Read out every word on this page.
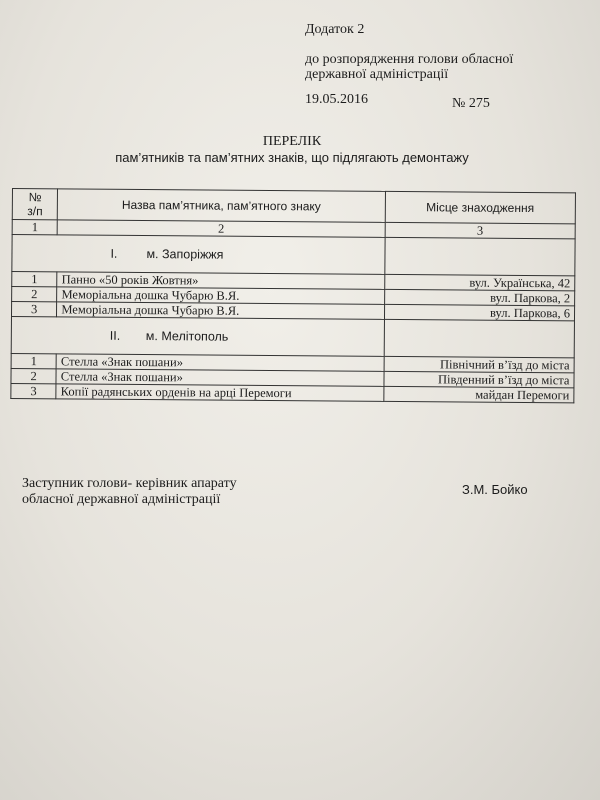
Додаток 2
до розпорядження голови обласної
державної адміністрації
19.05.2016	№ 275
ПЕРЕЛІК
пам’ятників та пам’ятних знаків, що підлягають демонтажу
№
з/п	Назва пам’ятника, пам’ятного знаку	Місце знаходження
1	2	3
I. м. Запоріжжя		
1	Панно «50 років Жовтня»	вул. Українська, 42
2	Меморіальна дошка Чубарю В.Я.	вул. Паркова, 2
3	Меморіальна дошка Чубарю В.Я.	вул. Паркова, 6
II. м. Мелітополь		
1	Стелла «Знак пошани»	Північний в’їзд до міста
2	Стелла «Знак пошани»	Південний в’їзд до міста
3	Копії радянських орденів на арці Перемоги	майдан Перемоги
Заступник голови- керівник апарату
обласної державної адміністрації
З.М. Бойко
